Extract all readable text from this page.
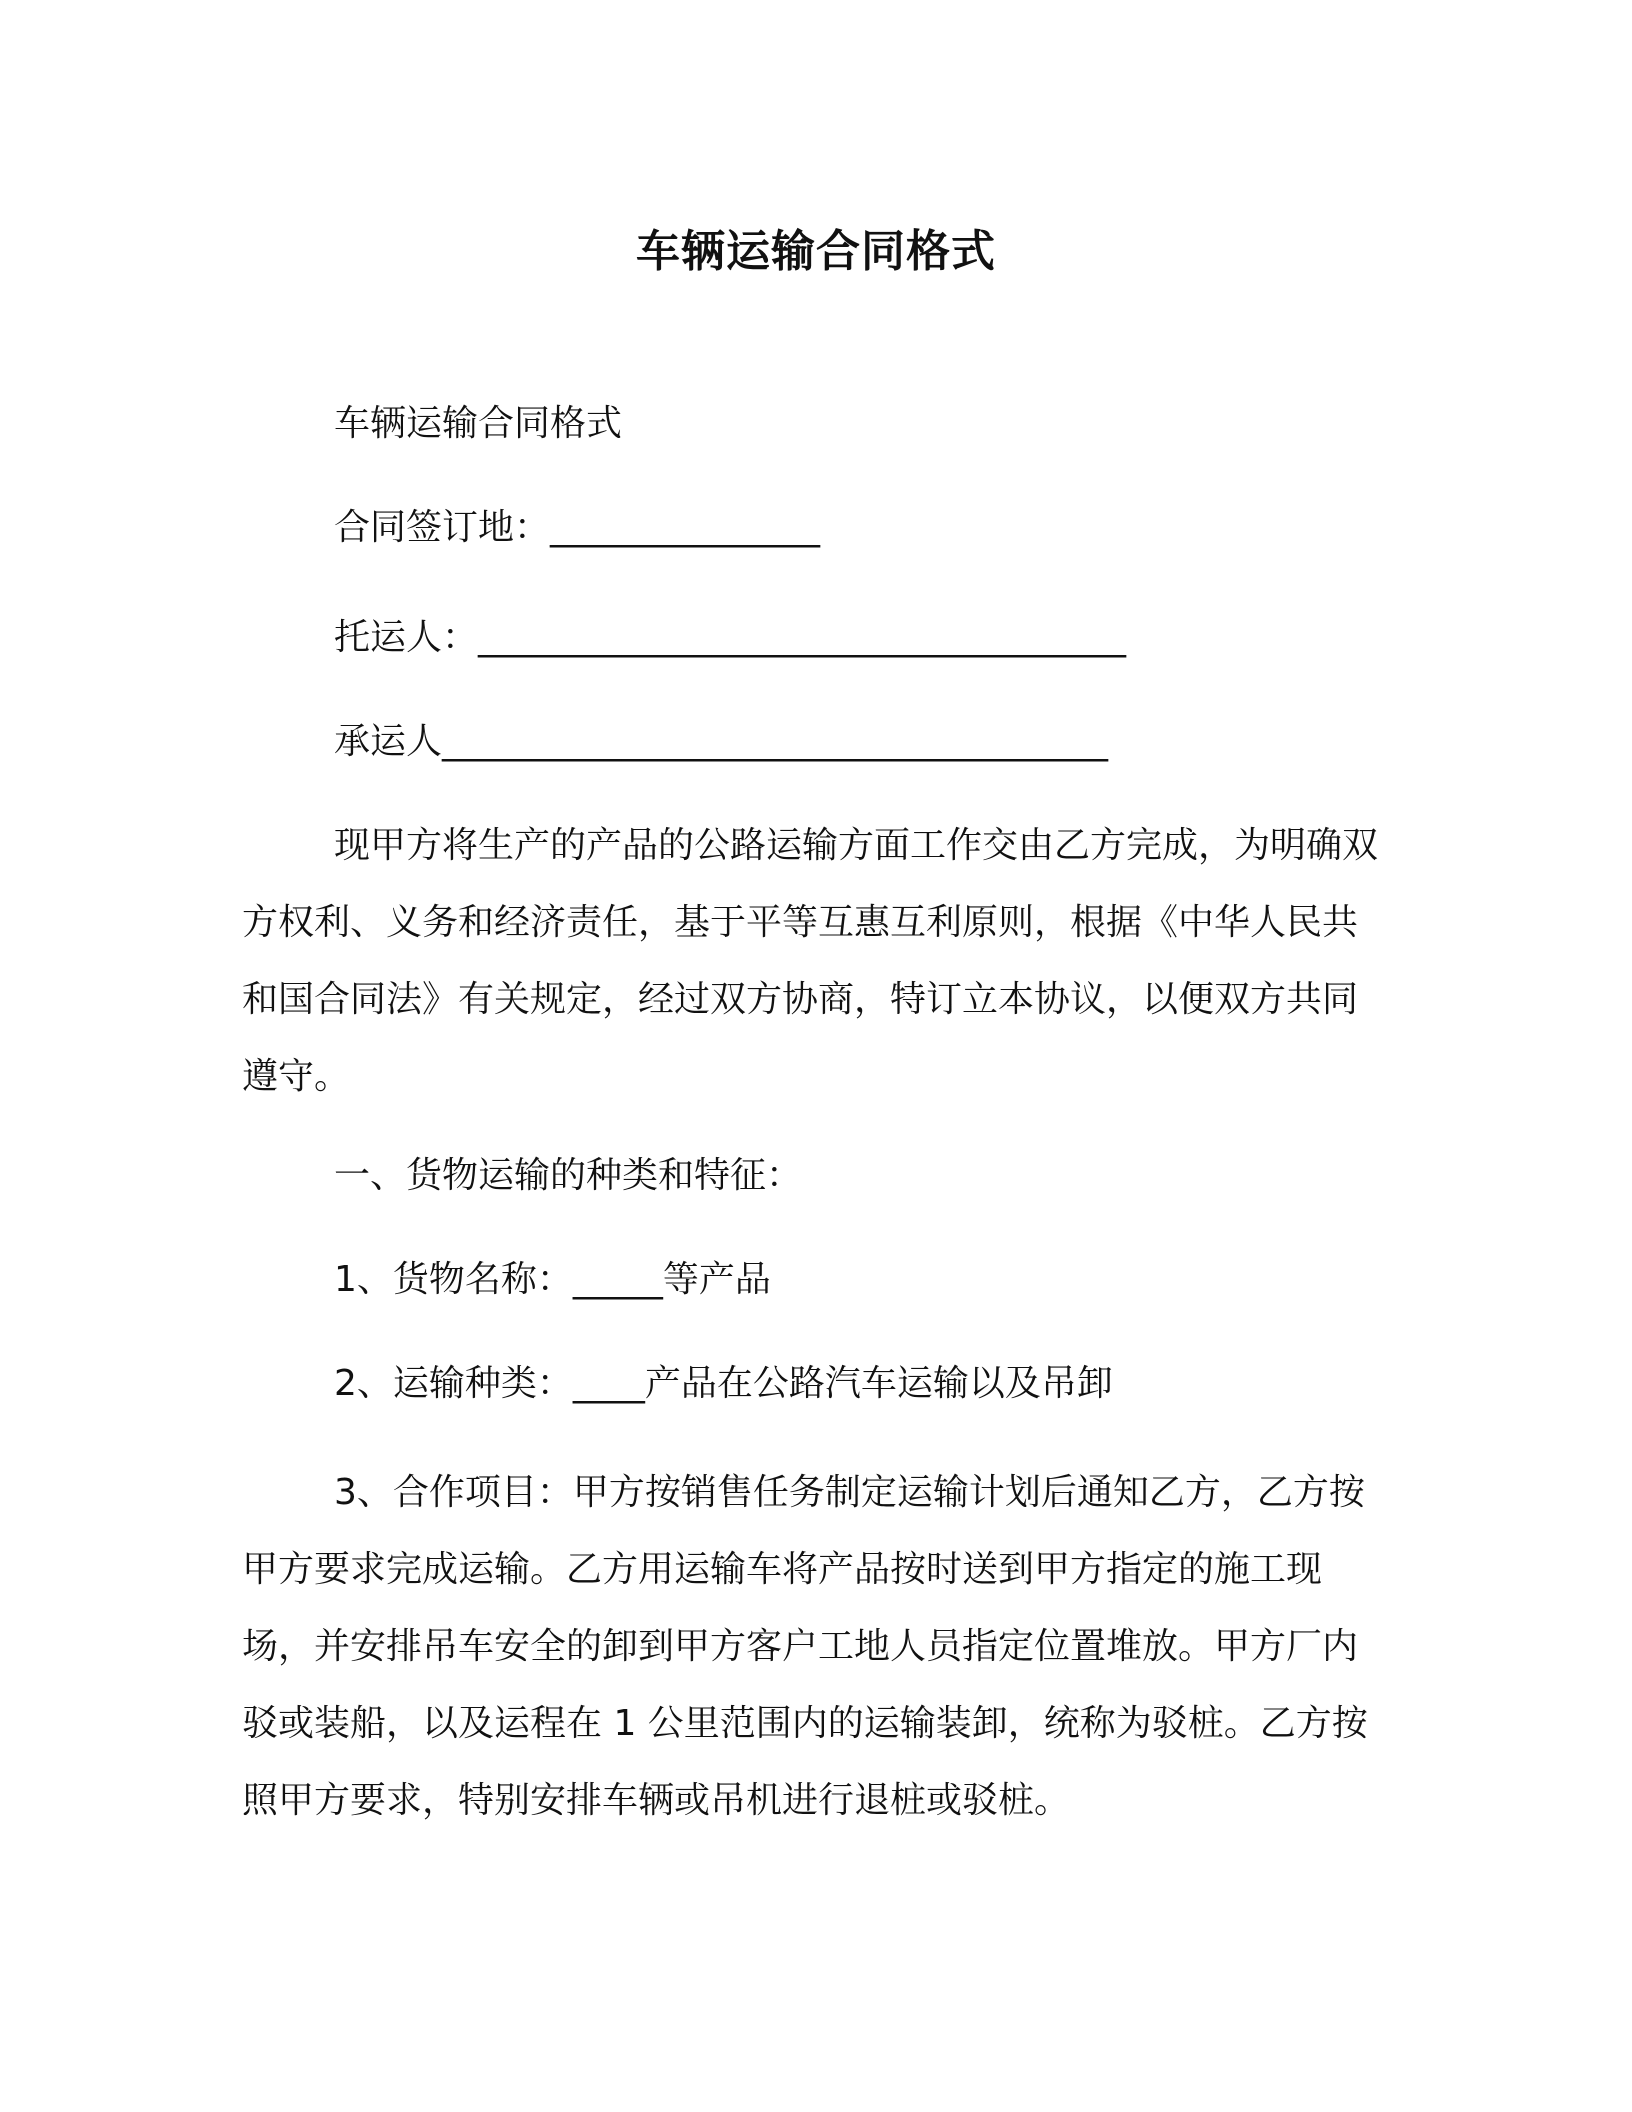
车辆运输合同格式
车辆运输合同格式
合同签订地：_______________
托运人：____________________________________
承运人_____________________________________
现甲方将生产的产品的公路运输方面工作交由乙方完成，为明确双方权利、义务和经济责任，基于平等互惠互利原则，根据《中华人民共和国合同法》有关规定，经过双方协商，特订立本协议，以便双方共同遵守。
一、货物运输的种类和特征：
1、货物名称：_____等产品
2、运输种类：____产品在公路汽车运输以及吊卸
3、合作项目：甲方按销售任务制定运输计划后通知乙方，乙方按甲方要求完成运输。乙方用运输车将产品按时送到甲方指定的施工现场，并安排吊车安全的卸到甲方客户工地人员指定位置堆放。甲方厂内驳或装船，以及运程在 1 公里范围内的运输装卸，统称为驳桩。乙方按照甲方要求，特别安排车辆或吊机进行退桩或驳桩。
